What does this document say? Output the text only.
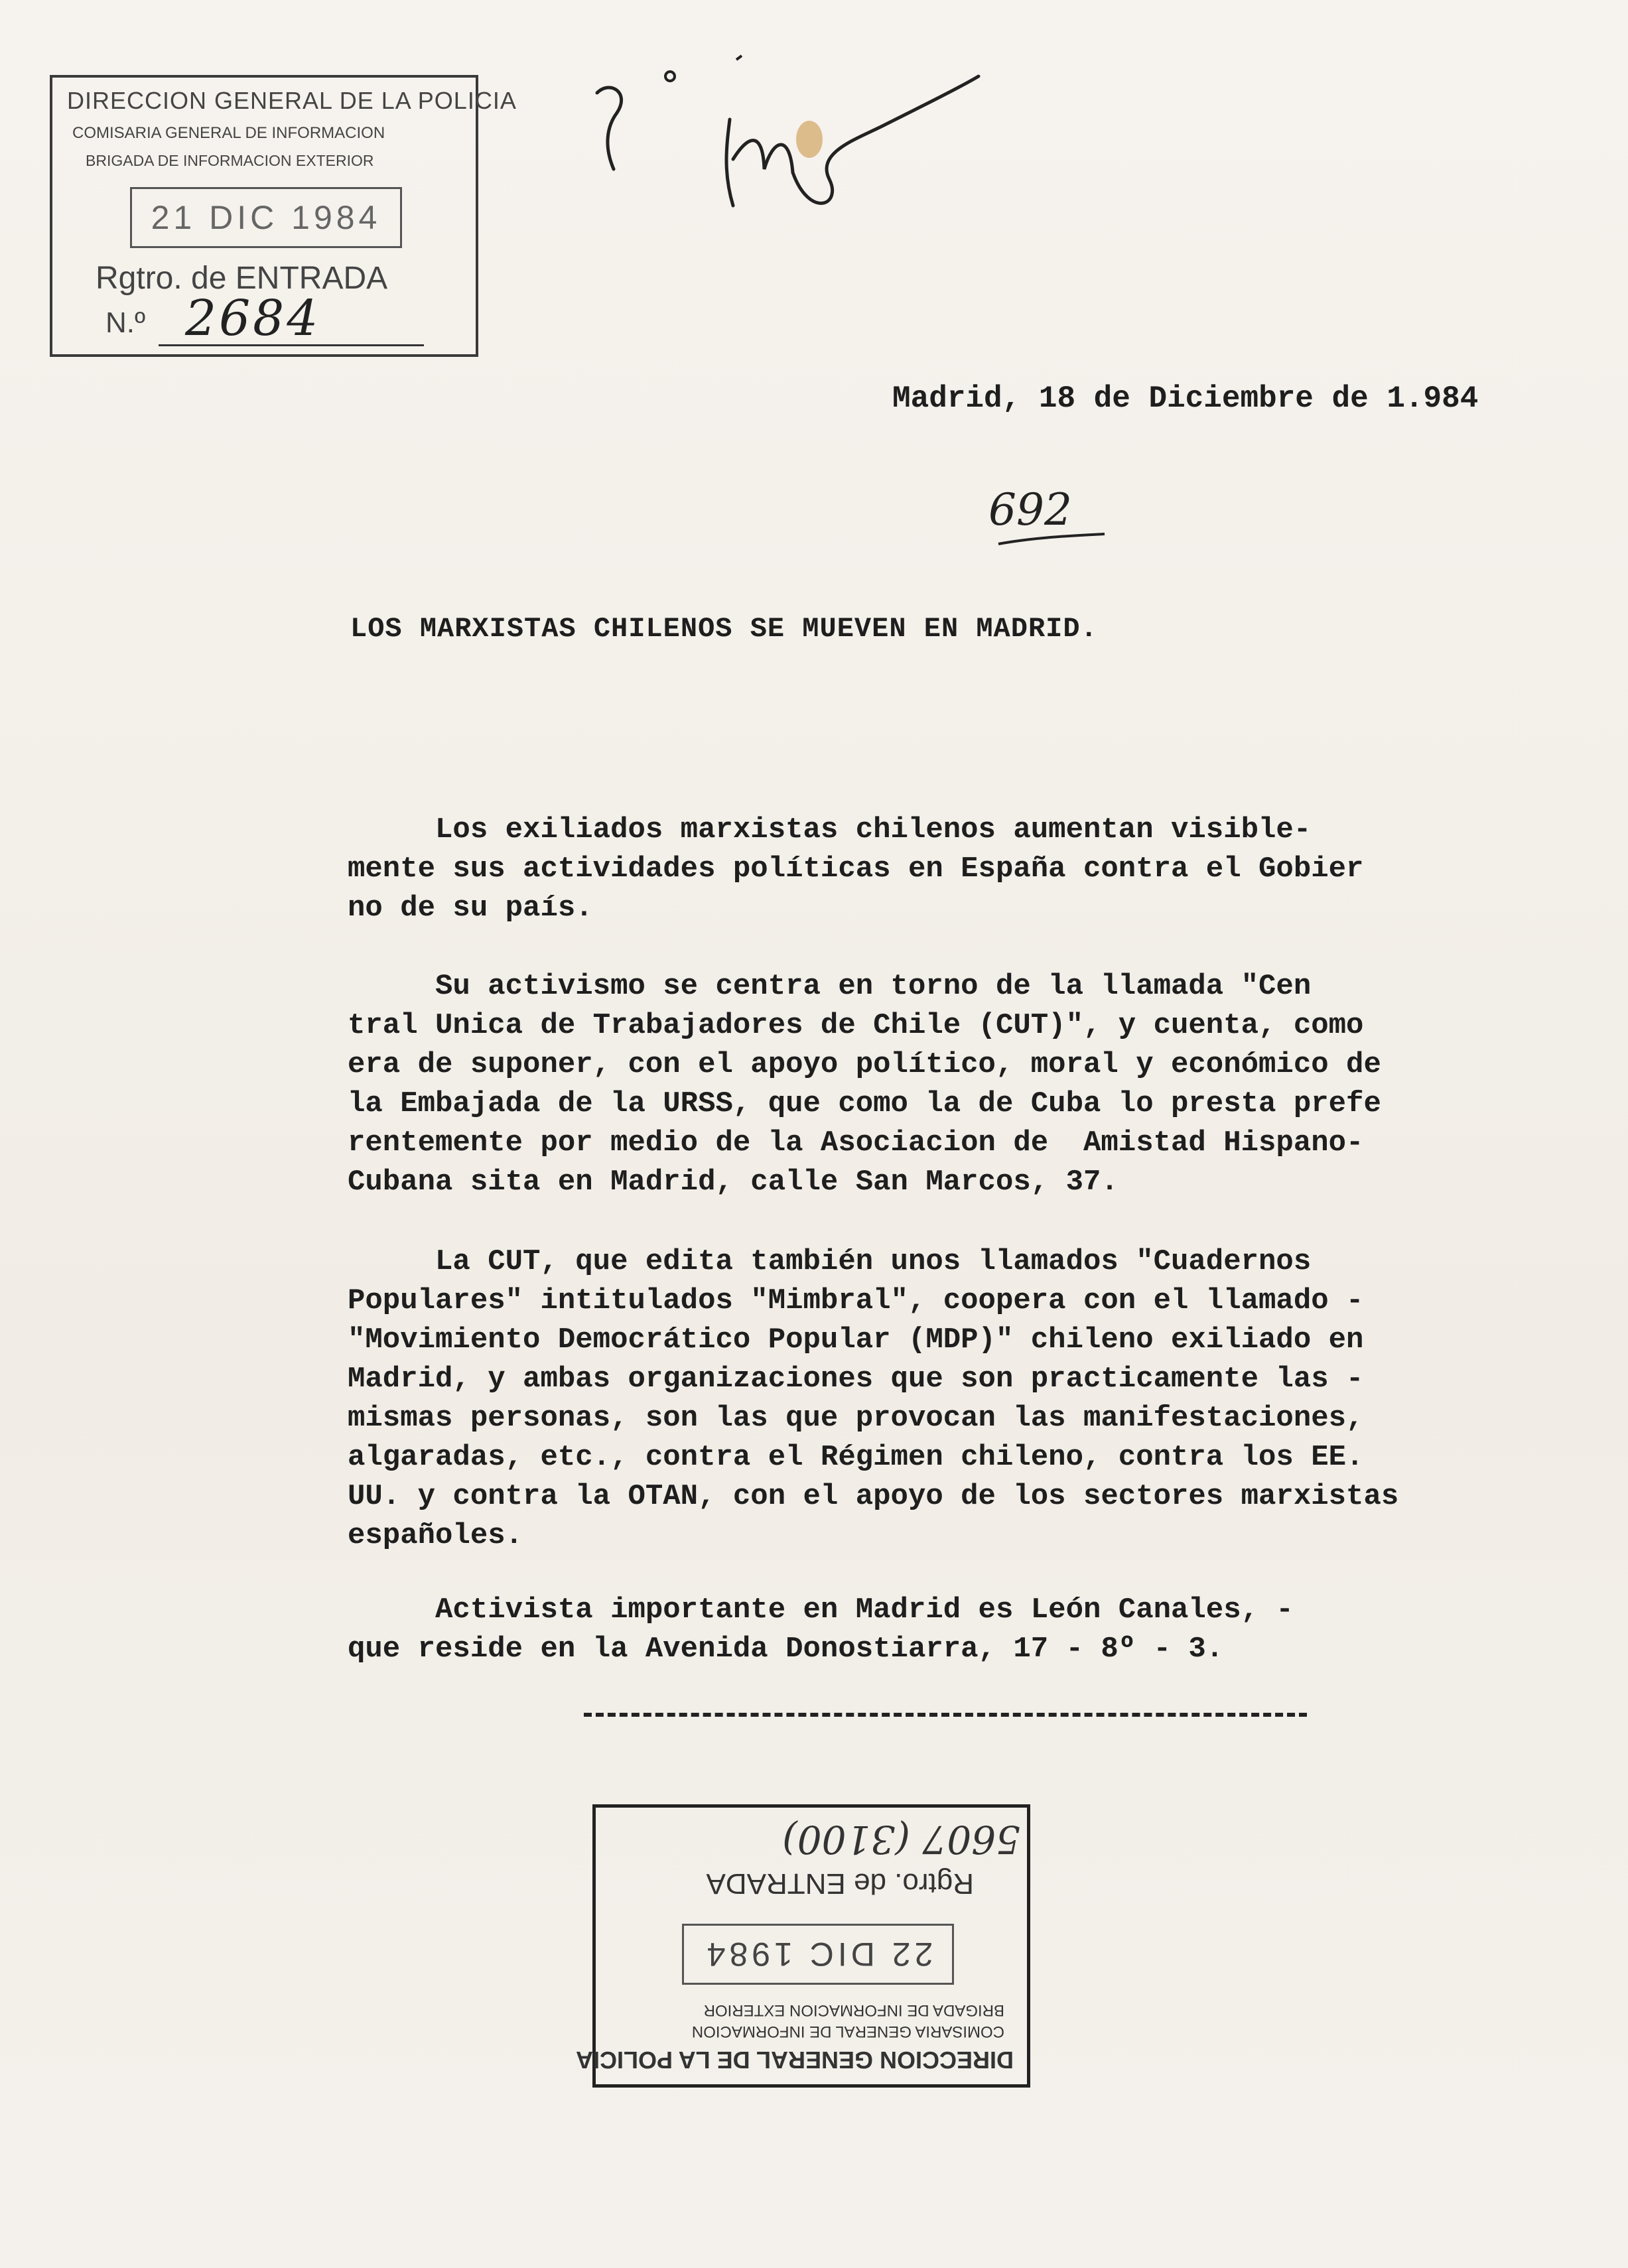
DIRECCION GENERAL DE LA POLICIA
COMISARIA GENERAL DE INFORMACION
BRIGADA DE INFORMACION EXTERIOR
21 DIC 1984
Rgtro. de ENTRADA
N.º 2684
692
Madrid, 18 de Diciembre de 1.984
LOS MARXISTAS CHILENOS SE MUEVEN EN MADRID.
Los exiliados marxistas chilenos aumentan visible-
mente sus actividades políticas en España contra el Gobier
no de su país.
Su activismo se centra en torno de la llamada "Cen
tral Unica de Trabajadores de Chile (CUT)", y cuenta, como
era de suponer, con el apoyo político, moral y económico de
la Embajada de la URSS, que como la de Cuba lo presta prefe
rentemente por medio de la Asociacion de  Amistad Hispano-
Cubana sita en Madrid, calle San Marcos, 37.
La CUT, que edita también unos llamados "Cuadernos
Populares" intitulados "Mimbral", coopera con el llamado -
"Movimiento Democrático Popular (MDP)" chileno exiliado en
Madrid, y ambas organizaciones que son practicamente las -
mismas personas, son las que provocan las manifestaciones,
algaradas, etc., contra el Régimen chileno, contra los EE.
UU. y contra la OTAN, con el apoyo de los sectores marxistas
españoles.
Activista importante en Madrid es León Canales, -
que reside en la Avenida Donostiarra, 17 - 8º - 3.
DIRECCION GENERAL DE LA POLICIA
COMISARIA GENERAL DE INFORMACION
BRIGADA DE INFORMACION EXTERIOR
22 DIC 1984
Rgtro. de ENTRADA
5607 (3100)
